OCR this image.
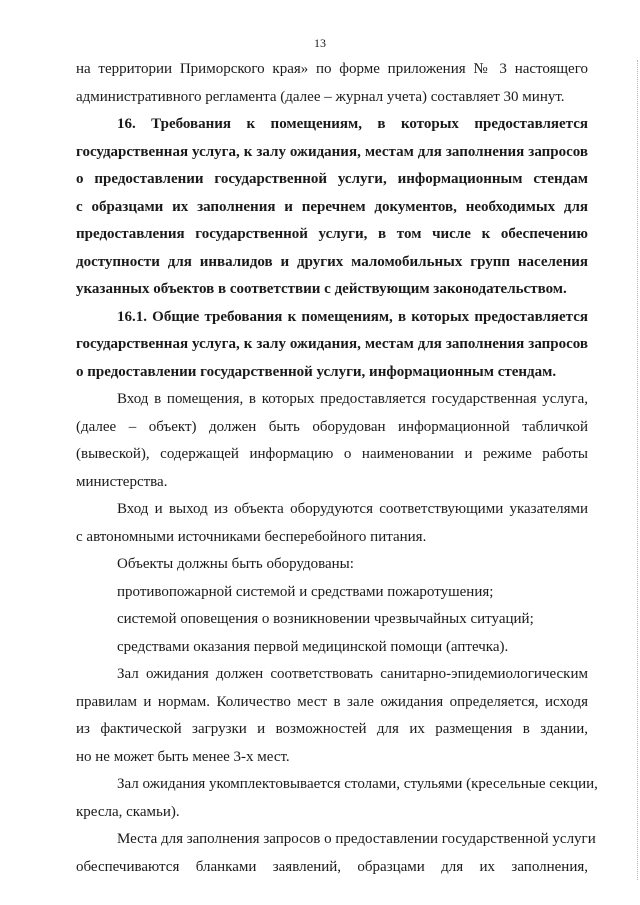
13
на территории Приморского края» по форме приложения № 3 настоящего
административного регламента (далее – журнал учета) составляет 30 минут.
16. Требования к помещениям, в которых предоставляется
государственная услуга, к залу ожидания, местам для заполнения запросов
о предоставлении государственной услуги, информационным стендам
с образцами их заполнения и перечнем документов, необходимых для
предоставления государственной услуги, в том числе к обеспечению
доступности для инвалидов и других маломобильных групп населения
указанных объектов в соответствии с действующим законодательством.
16.1. Общие требования к помещениям, в которых предоставляется
государственная услуга, к залу ожидания, местам для заполнения запросов
о предоставлении государственной услуги, информационным стендам.
Вход в помещения, в которых предоставляется государственная услуга,
(далее – объект) должен быть оборудован информационной табличкой
(вывеской), содержащей информацию о наименовании и режиме работы
министерства.
Вход и выход из объекта оборудуются соответствующими указателями
с автономными источниками бесперебойного питания.
Объекты должны быть оборудованы:
противопожарной системой и средствами пожаротушения;
системой оповещения о возникновении чрезвычайных ситуаций;
средствами оказания первой медицинской помощи (аптечка).
Зал ожидания должен соответствовать санитарно-эпидемиологическим
правилам и нормам. Количество мест в зале ожидания определяется, исходя
из фактической загрузки и возможностей для их размещения в здании,
но не может быть менее 3-х мест.
Зал ожидания укомплектовывается столами, стульями (кресельные секции,
кресла, скамьи).
Места для заполнения запросов о предоставлении государственной услуги
обеспечиваются бланками заявлений, образцами для их заполнения,
